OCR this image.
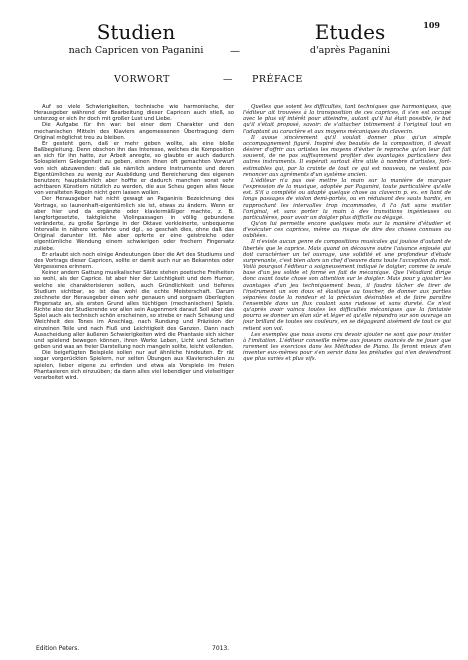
109
Studien
nach Capricen von Paganini	—
Etudes
d'après Paganini
VORWORT	— PRÉFACE

Auf so viele Schwierigkeiten, technische wie harmonische, der Herausgeber während der Bearbeitung dieser Capricen auch stieß, so unterzog er sich ihr doch mit großer Lust und Liebe.

Die Aufgabe für ihn war: bei einer dem Charakter und den mechanischen Mitteln des Klaviers angemessenen Übertragung dem Original möglichst treu zu bleiben.

Er gesteht gern, daß er mehr geben wollte, als eine bloße Baßbegleitung. Denn obschon ihn das Interesse, welches die Komposition an sich für ihn hatte, zur Arbeit anregte, so glaubte er auch dadurch Solospielern Gelegenheit zu geben, einen ihnen oft gemachten Vorwurf von sich abzuwenden: daß sie nämlich andere Instrumente und deren Eigentümliches zu wenig zur Ausbildung und Bereicherung des eigenen benutzen; hauptsächlich aber hoffte er dadurch manchen sonst sehr achtbaren Künstlern nützlich zu werden, die aus Scheu gegen alles Neue von veralteten Regeln nicht gern lassen wollen.

Der Herausgeber hat nicht gewagt an Paganinis Bezeichnung des Vortrags, so launenhaft-eigentümlich sie ist, etwas zu ändern. Wenn er aber hier und da ergänzte oder klaviermäßiger machte, z. B. langfortgesetzte, taktgleiche Violinpassagen in völlig gebundene veränderte, zu große Sprünge in der Oktave verkleinerte, unbequeme Intervalle in nähere verkehrte und dgl., so geschah dies, ohne daß das Original darunter litt. Nie aber opferte er eine geistreiche oder eigentümliche Wendung einem schwierigen oder frechern Fingersatz zuliebe.

Er erlaubt sich noch einige Andeutungen über die Art des Studiums und des Vortrags dieser Capricen, sollte er damit auch nur an Bekanntes oder Vergessenes erinnern.

Keiner andern Gattung musikalischer Sätze stehen poetische Freiheiten so wohl, als der Caprice. Ist aber hier der Leichtigkeit und dem Humor, welche sie charakterisieren sollen, auch Gründlichkeit und tieferes Studium sichtbar, so ist das wohl die echte Meisterschaft. Darum zeichnete der Herausgeber einen sehr genauen und sorgsam überlegten Fingersatz an, als ersten Grund alles tüchtigen (mechanischen) Spiels. Richte also der Studierende vor allen sein Augenmerk darauf. Soll aber das Spiel auch als technisch schön erscheinen, so strebe er nach Schwung und Weichheit des Tones im Anschlag, nach Rundung und Präzision der einzelnen Teile und nach Fluß und Leichtigkeit des Ganzen. Dann nach Ausscheidung aller äußeren Schwierigkeiten wird die Phantasie sich sicher und spielend bewegen können, ihren Werke Leben, Licht und Schatten geben und was an freier Darstellung noch mangeln sollte, leicht vollenden.

Die beigefügten Beispiele sollen nur auf ähnliche hindeuten. Er rät sogar vorgerückten Spielern, nur selten Übungen aus Klavierschulen zu spielen, lieber eigene zu erfinden und etwa als Vorspiele im freien Phantasieren sich einzuüben; da dann alles viel lebendiger und vielseitiger verarbeitet wird.

Quelles que soient les difficultés, tant techniques que harmoniques, que l'éditeur ait trouvées à la transposition de ces caprices, il s'en est occupé avec le plus vif intérêt pour atteindre, autant qu'il lui était possible, le but qu'il s'était proposé, savoir: de s'attacher intimement à l'original tout en l'adaptant au caractère et aux moyens mécaniques du clavecin.

Il avoue sincèrement qu'il voulait donner plus qu'un simple accompagnement figuré. Inspiré des beautés de la composition, il devait désirer d'offrir aux artistes les moyens d'éviter le reproche qu'on leur fait souvent, de ne pas suffisamment profiter des avantages particuliers des autres instruments. Il espérait surtout être utile à nombre d'artistes, fort-estimables qui, par la crainte de tout ce qui est nouveau, ne veulent pas renoncer aux agréments d'un système ancien.

L'éditeur n'a pas osé mettre la main sur la manière de marquer l'expression de la musique, adoptée par Paganini, toute particulière qu'elle est. S'il a complété ou adapté quelque chose au clavecin p. ex. en liant de longs passages de violon demi-portés, ou en réduisant des sauts hardis, en rapprochant les intervalles trop incommodes, il l'a fait sans mutiler l'original, et sans porter la main à des transitions ingénieuses ou particulières, pour avoir un doigter plus difficile ou dégagé.

Qu'on lui permette encore quelques mots sur la manière d'étudier et d'exécuter ces caprices, même au risque de dire des choses connues ou oubliées.

Il n'existe aucun genre de compositions musicales qui jouisse d'autant de libertés que le caprice. Mais quand on découvre outre l'aisance enjouée qui doit caractériser un tel ouvrage, une solidité et une profondeur d'étude surprenante, c'est bien alors un chef d'oeuvre dans toute l'acception du mot. Voilà pourquoi l'éditeur a soigneusement indiqué le doigter, comme la seule base d'un jeu solide et formé en fait de mécanique. Que l'étudiant dirige donc avant toute chose son attention sur le doigter. Mais pour y ajouter les avantages d'un jeu techniquement beau, il faudra tâcher de tirer de l'instrument un son doux et élastique au toucher, de donner aux parties séparées toute la rondeur et la précision désirables et de faire paraître l'ensemble dans un flux coulant sans rudesse et sans dureté. Ce n'est qu'après avoir vaincu toutes les difficultés mécaniques que la fantaisie pourra se donner un élan sûr et léger et qu'elle répandra sur son ouvrage un jour brillant de toutes ses couleurs, en se dégageant aisément de tout ce qui retient son vol.

Les exemples que nous avons cru devoir ajouter ne sont que pour inviter à l'imitation. L'éditeur conseille même aux joueurs avancés de ne jouer que rarement les exercices dans les Méthodes de Piano. Ils feront mieux d'en inventer eux-mêmes pour s'en servir dans les préludes qui n'en deviendront que plus variés et plus vifs.

Edition Peters.	7013.
